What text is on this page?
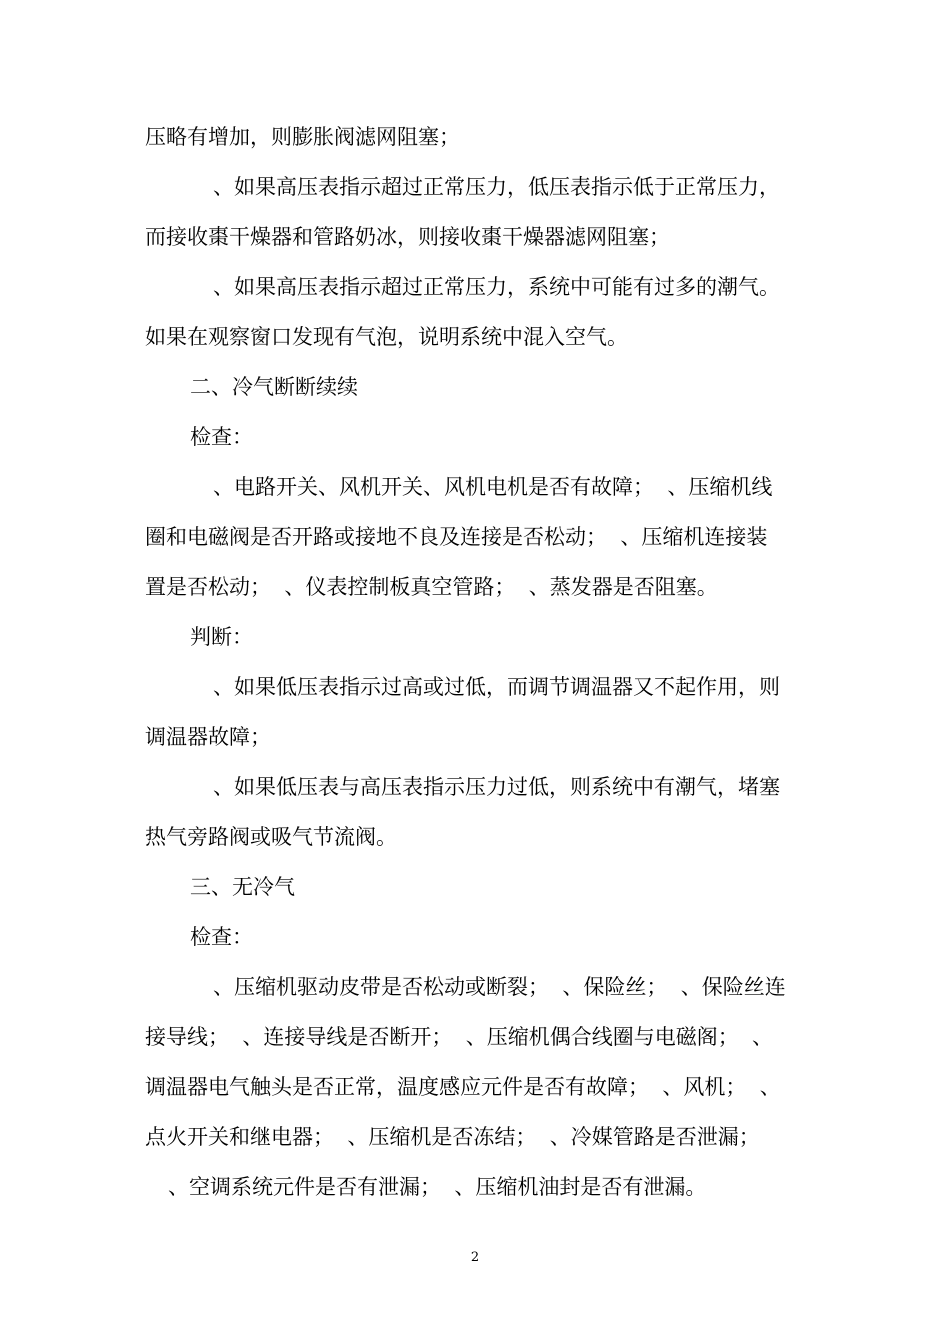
压略有增加，则膨胀阀滤网阻塞；
、如果高压表指示超过正常压力，低压表指示低于正常压力，
而接收棗干燥器和管路奶冰，则接收棗干燥器滤网阻塞；
、如果高压表指示超过正常压力，系统中可能有过多的潮气。
如果在观察窗口发现有气泡，说明系统中混入空气。
二、冷气断断续续
检查：
、电路开关、风机开关、风机电机是否有故障；  、压缩机线
圈和电磁阀是否开路或接地不良及连接是否松动；  、压缩机连接装
置是否松动；  、仪表控制板真空管路；  、蒸发器是否阻塞。
判断：
、如果低压表指示过高或过低，而调节调温器又不起作用，则
调温器故障；
、如果低压表与高压表指示压力过低，则系统中有潮气，堵塞
热气旁路阀或吸气节流阀。
三、无冷气
检查：
、压缩机驱动皮带是否松动或断裂；  、保险丝；  、保险丝连
接导线；  、连接导线是否断开；  、压缩机偶合线圈与电磁阁；  、
调温器电气触头是否正常，温度感应元件是否有故障；  、风机；  、
点火开关和继电器；  、压缩机是否冻结；  、冷媒管路是否泄漏；
、空调系统元件是否有泄漏；  、压缩机油封是否有泄漏。
2
